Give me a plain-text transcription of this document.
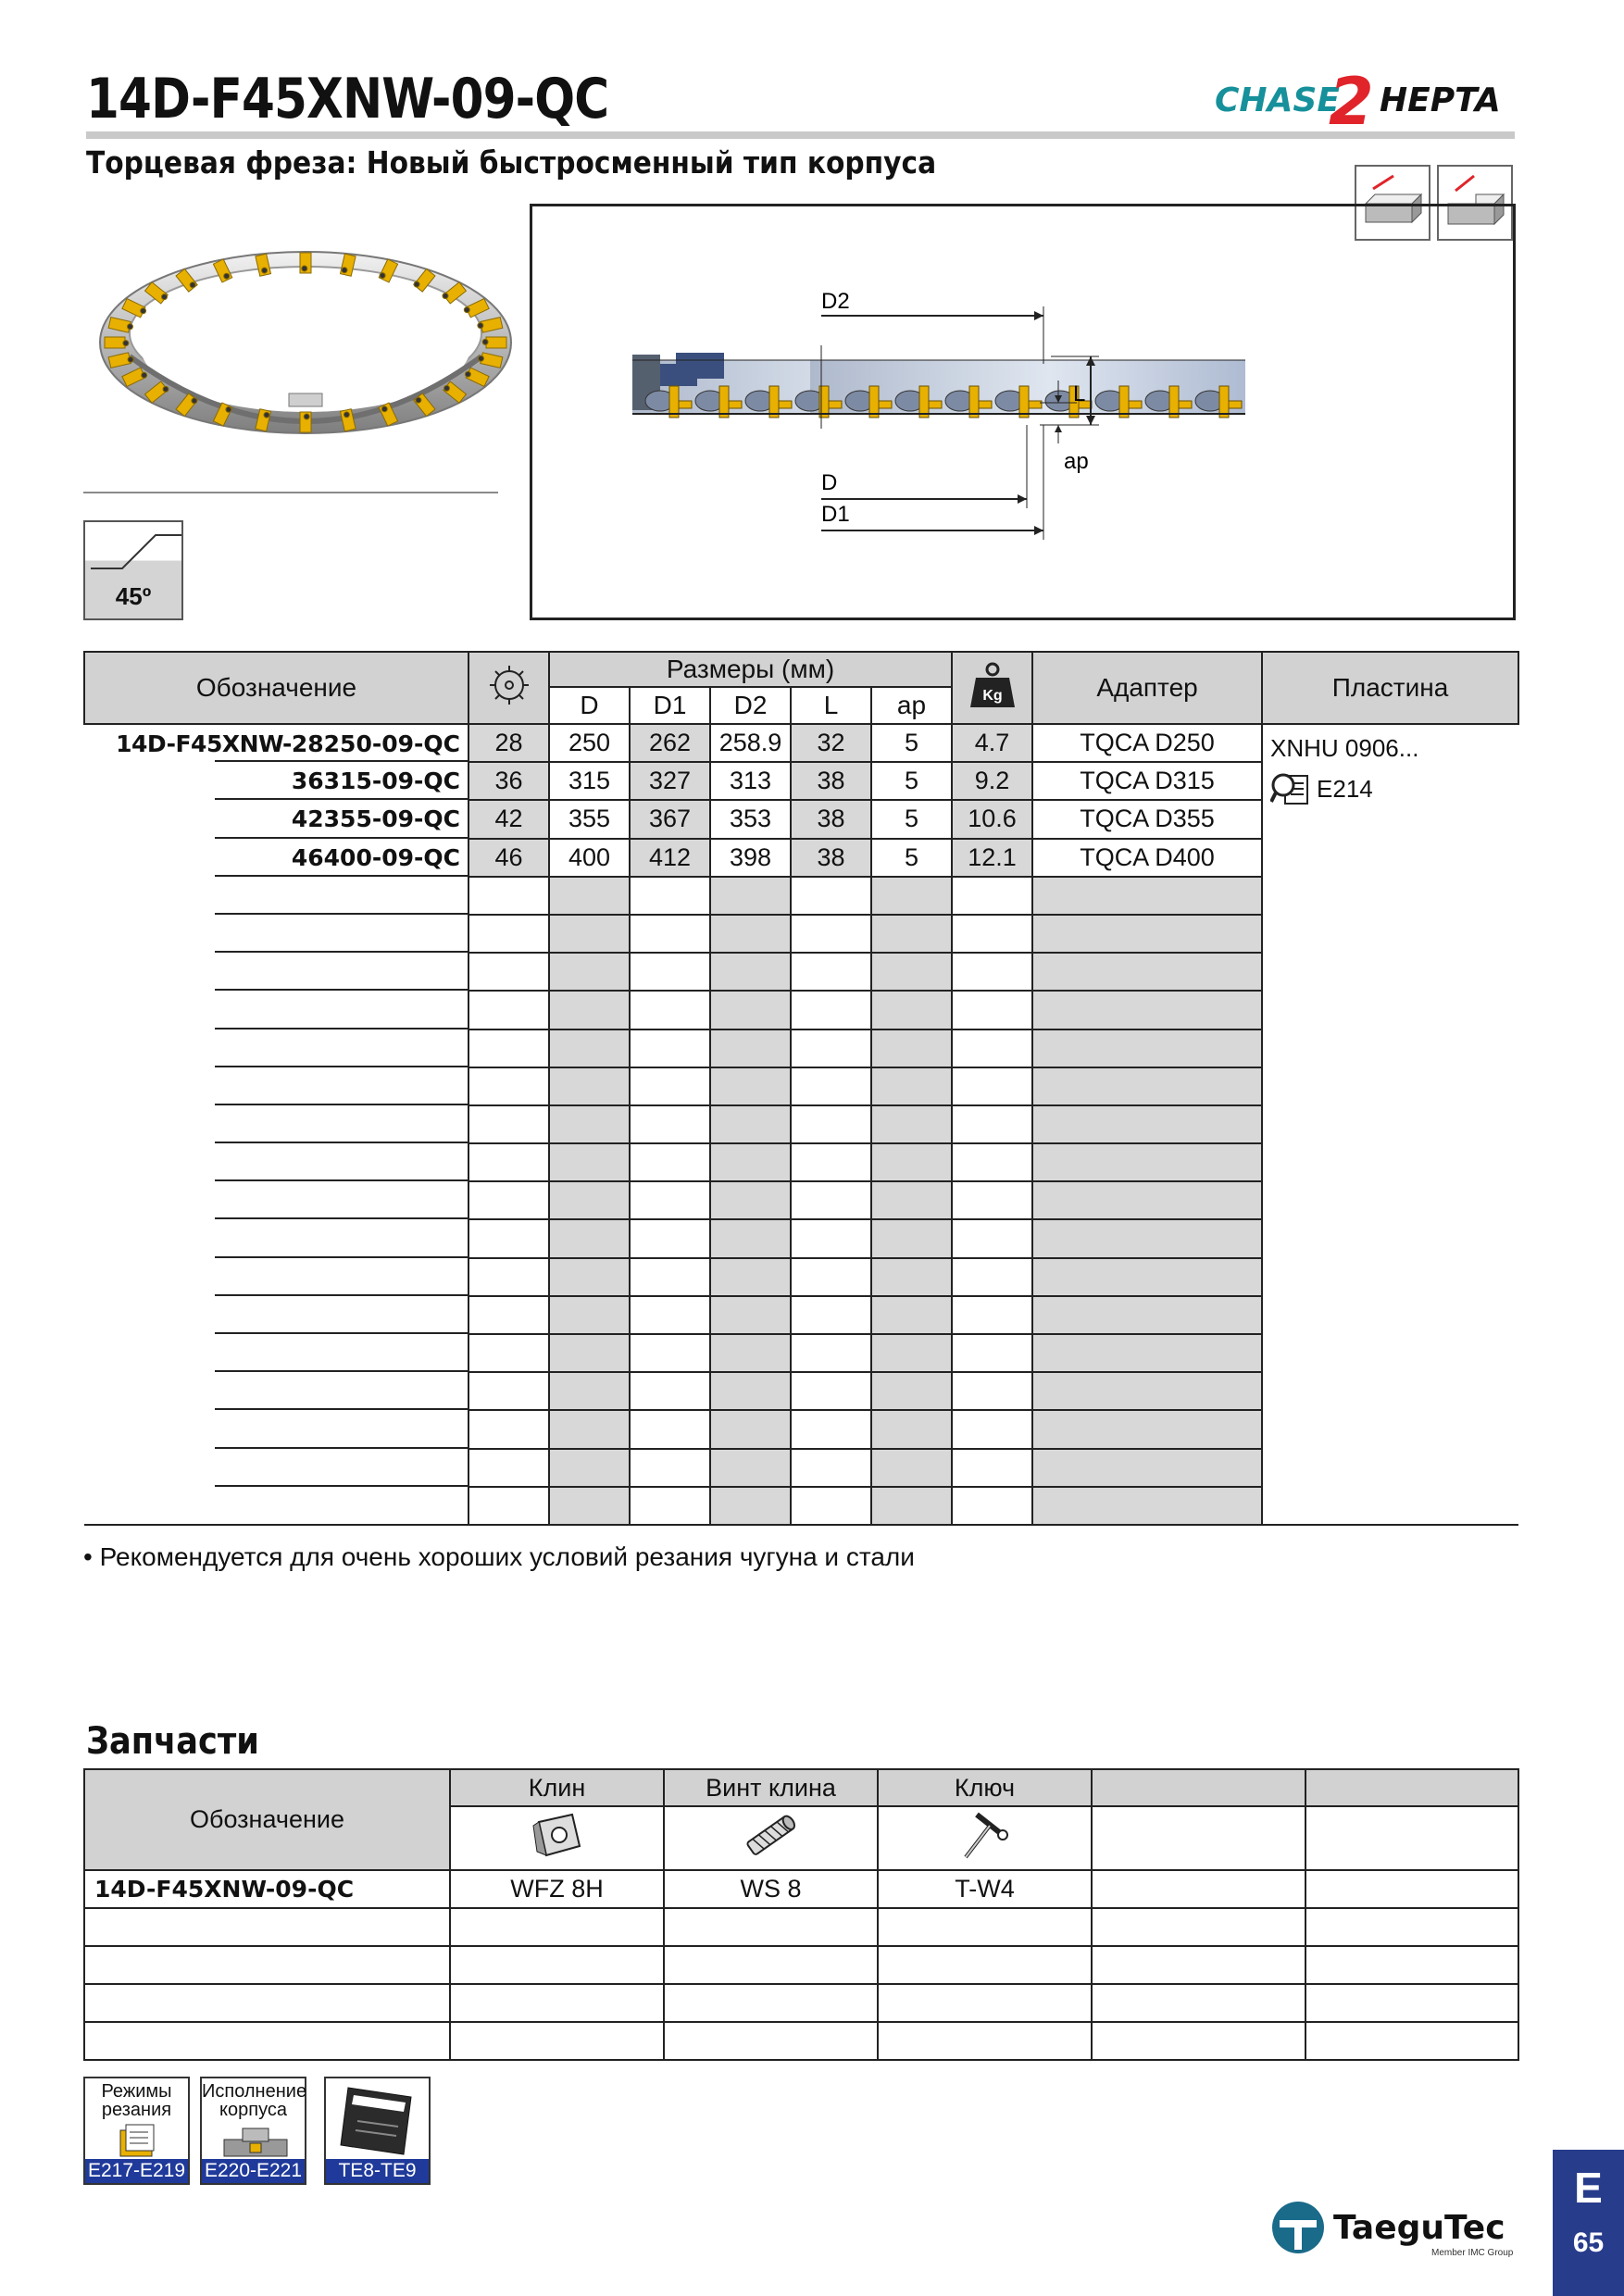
14D-F45XNW-09-QC
Торцевая фреза: Новый быстросменный тип корпуса
CHASE
2 HEPTA
45º
D2
L
ap
D
D1
Обозначение		Размеры (мм)					Kg	Адаптер	Пластина
		D	D1	D2	L	ap			
14D-F45XNW-28250-09-QC	28	250	262	258.9	32	5	4.7	TQCA D250	XNHU 0906...
E214

36315-09-QC	36	315	327	313	38	5	9.2	TQCA D315	
42355-09-QC	42	355	367	353	38	5	10.6	TQCA D355	
46400-09-QC	46	400	412	398	38	5	12.1	TQCA D400	

• Рекомендуется для очень хороших условий резания чугуна и стали
Запчасти
Обозначение	Клин	Винт клина	Ключ		

14D-F45XNW-09-QC	WFZ 8H	WS 8	T-W4		

Режимы
резания
E217-E219
Исполнение
корпуса
E220-E221	TE8-TE9
TaeguTec
Member IMC Group
E
65
